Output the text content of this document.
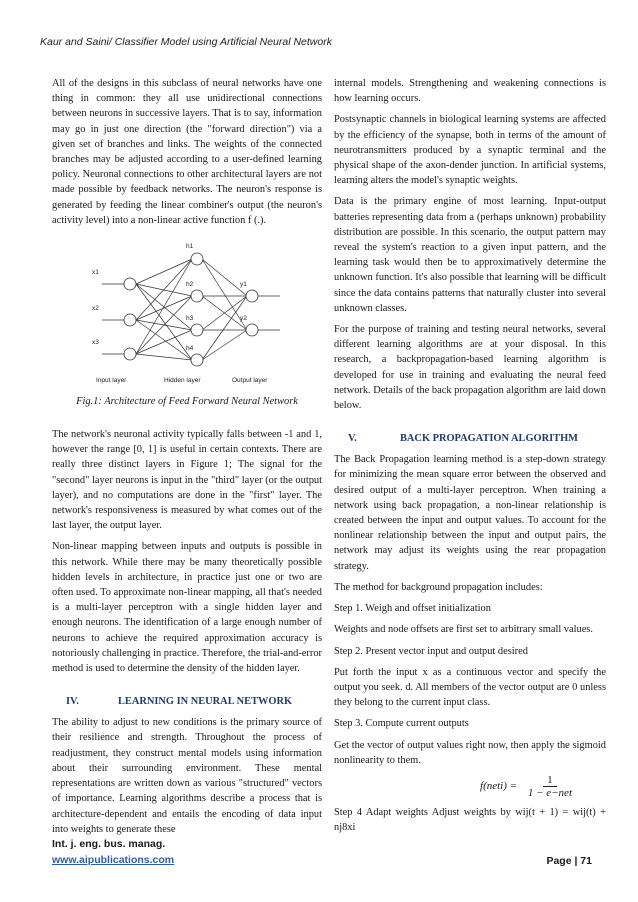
Kaur and Saini/ Classifier Model using Artificial Neural Network

All of the designs in this subclass of neural networks have one thing in common: they all use unidirectional connections between neurons in successive layers. That is to say, information may go in just one direction (the "forward direction") via a given set of branches and links. The weights of the connected branches may be adjusted according to a user-defined learning policy. Neuronal connections to other architectural layers are not made possible by feedback networks. The neuron's response is generated by feeding the linear combiner's output (the neuron's activity level) into a non-linear active function f (.).

x1
x2
x3
h1
h2
h3
h4
y1
y2
Input layer	Hidden layer	Output layer
Fig.1: Architecture of Feed Forward Neural Network

The network's neuronal activity typically falls between -1 and 1, however the range [0, 1] is useful in certain contexts. There are really three distinct layers in Figure 1; The signal for the "second" layer neurons is input in the "third" layer (or the output layer), and no computations are done in the "first" layer. The network's responsiveness is measured by what comes out of the last layer, the output layer.

Non-linear mapping between inputs and outputs is possible in this network. While there may be many theoretically possible hidden levels in architecture, in practice just one or two are often used. To approximate non-linear mapping, all that's needed is a multi-layer perceptron with a single hidden layer and enough neurons. The identification of a large enough number of neurons to achieve the required approximation accuracy is notoriously challenging in practice. Therefore, the trial-and-error method is used to determine the density of the hidden layer.

IV.	LEARNING IN NEURAL NETWORK

The ability to adjust to new conditions is the primary source of their resilience and strength. Throughout the process of readjustment, they construct mental models using information about their surrounding environment. These mental representations are written down as various "structured" vectors of importance. Learning algorithms describe a process that is architecture-dependent and entails the encoding of data input into weights to generate these

internal models. Strengthening and weakening connections is how learning occurs.

Postsynaptic channels in biological learning systems are affected by the efficiency of the synapse, both in terms of the amount of neurotransmitters produced by a synaptic terminal and the physical shape of the axon-dender junction. In artificial systems, learning alters the model's synaptic weights.

Data is the primary engine of most learning. Input-output batteries representing data from a (perhaps unknown) probability distribution are possible. In this scenario, the output pattern may reveal the system's reaction to a given input pattern, and the learning task would then be to approximatively determine the unknown function. It's also possible that learning will be difficult since the data contains patterns that naturally cluster into several unknown classes.

For the purpose of training and testing neural networks, several different learning algorithms are at your disposal. In this research, a backpropagation-based learning algorithm is developed for use in training and evaluating the neural feed network. Details of the back propagation algorithm are laid down below.

V.	BACK PROPAGATION ALGORITHM

The Back Propagation learning method is a step-down strategy for minimizing the mean square error between the observed and desired output of a multi-layer perceptron. When training a network using back propagation, a non-linear relationship is created between the input and output values. To account for the nonlinear relationship between the input and output pairs, the network may adjust its weights using the rear propagation strategy.

The method for background propagation includes:

Step 1. Weigh and offset initialization

Weights and node offsets are first set to arbitrary small values.

Step 2. Present vector input and output desired

Put forth the input x as a continuous vector and specify the output you seek. d. All members of the vector output are 0 unless they belong to the current input class.

Step 3. Compute current outputs

Get the vector of output values right now, then apply the sigmoid nonlinearity to them.

f(neti) = $\frac{1}{\text{1 − e−net}}$

Step 4 Adapt weights Adjust weights by wij(t + 1) = wij(t) + nj8xi

Int. j. eng. bus. manag.
www.aipublications.com	Page | 71
